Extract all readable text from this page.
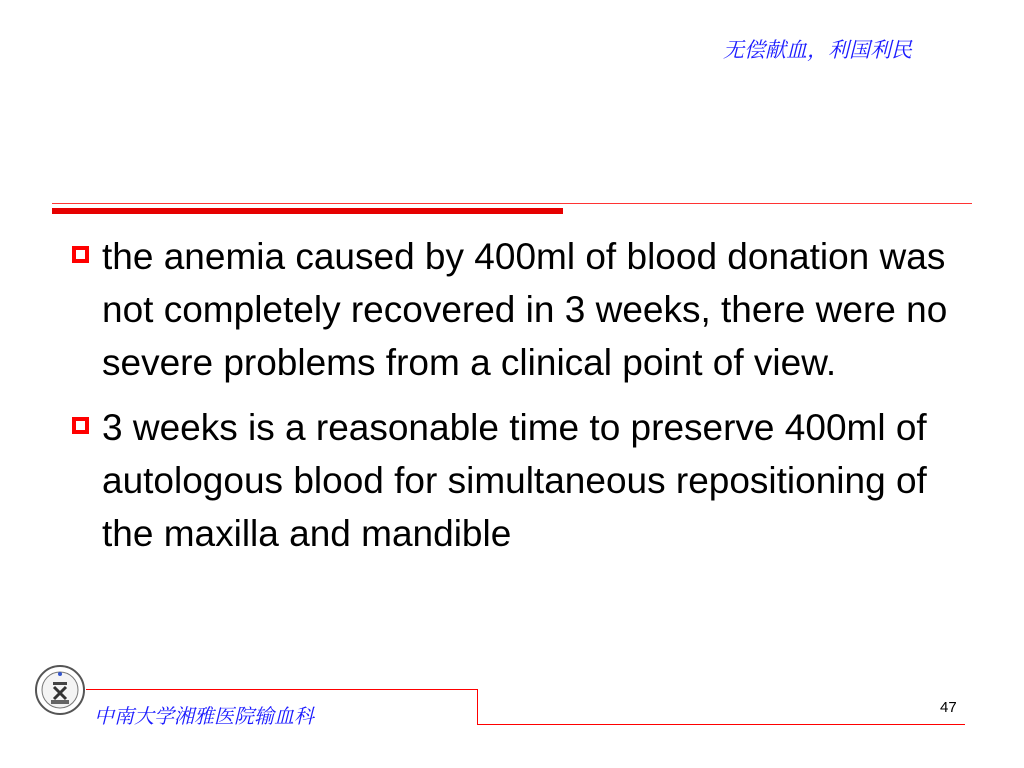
无偿献血，利国利民
the anemia caused by 400ml of blood donation was not completely recovered in 3 weeks, there were no severe problems from a clinical point of view.
3 weeks is a reasonable time to preserve 400ml of autologous blood for simultaneous repositioning of the maxilla and mandible
中南大学湘雅医院输血科	47
